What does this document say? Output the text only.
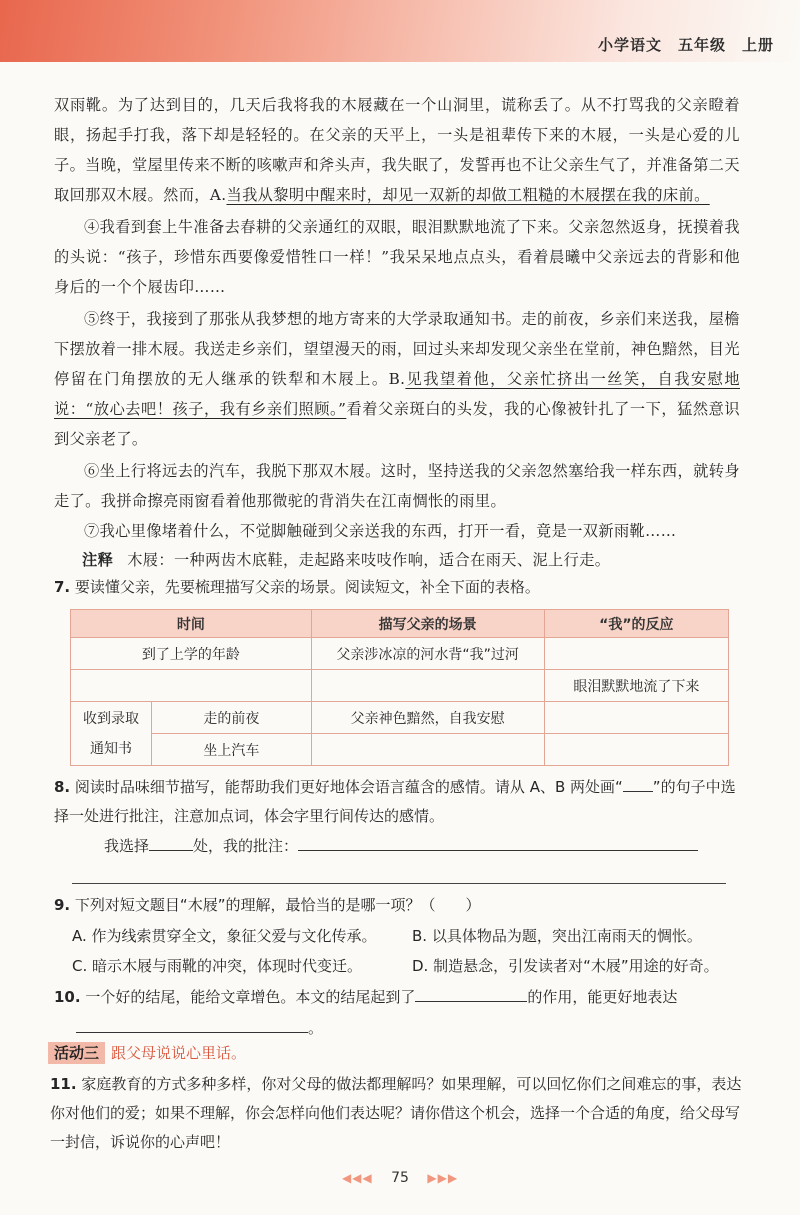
小学语文　五年级　上册
双雨靴。为了达到目的，几天后我将我的木屐藏在一个山洞里，谎称丢了。从不打骂我的父亲瞪着眼，扬起手打我，落下却是轻轻的。在父亲的天平上，一头是祖辈传下来的木屐，一头是心爱的儿子。当晚，堂屋里传来不断的咳嗽声和斧头声，我失眠了，发誓再也不让父亲生气了，并准备第二天取回那双木屐。然而，A.当我从黎明中醒来时，却见一双新的却做工粗糙的木屐摆在我的床前。
④我看到套上牛准备去春耕的父亲通红的双眼，眼泪默默地流了下来。父亲忽然返身，抚摸着我的头说：“孩子，珍惜东西要像爱惜牲口一样！”我呆呆地点点头，看着晨曦中父亲远去的背影和他身后的一个个屐齿印……
⑤终于，我接到了那张从我梦想的地方寄来的大学录取通知书。走的前夜，乡亲们来送我，屋檐下摆放着一排木屐。我送走乡亲们，望望漫天的雨，回过头来却发现父亲坐在堂前，神色黯然，目光停留在门角摆放的无人继承的铁犁和木屐上。B.见我望着他，父亲忙挤出一丝笑，自我安慰地说：“放心去吧！孩子，我有乡亲们照顾。”看着父亲斑白的头发，我的心像被针扎了一下，猛然意识到父亲老了。
⑥坐上行将远去的汽车，我脱下那双木屐。这时，坚持送我的父亲忽然塞给我一样东西，就转身走了。我拼命擦亮雨窗看着他那微驼的背消失在江南惆怅的雨里。
⑦我心里像堵着什么，不觉脚触碰到父亲送我的东西，打开一看，竟是一双新雨靴……
注释 木屐：一种两齿木底鞋，走起路来吱吱作响，适合在雨天、泥上行走。
7. 要读懂父亲，先要梳理描写父亲的场景。阅读短文，补全下面的表格。
时间		描写父亲的场景	“我”的反应
到了上学的年龄		父亲涉冰凉的河水背“我”过河	
			眼泪默默地流了下来
收到录取通知书	走的前夜	父亲神色黯然，自我安慰	
	坐上汽车		
8. 阅读时品味细节描写，能帮助我们更好地体会语言蕴含的感情。请从 A、B 两处画“ ”的句子中选择一处进行批注，注意加点词，体会字里行间传达的感情。
我选择	处，我的批注：
9. 下列对短文题目“木屐”的理解，最恰当的是哪一项？（　　）
A. 作为线索贯穿全文，象征父爱与文化传承。	B. 以具体物品为题，突出江南雨天的惆怅。
C. 暗示木屐与雨靴的冲突，体现时代变迁。	D. 制造悬念，引发读者对“木屐”用途的好奇。
10. 一个好的结尾，能给文章增色。本文的结尾起到了	的作用，能更好地表达
。
活动三 跟父母说说心里话。
11. 家庭教育的方式多种多样，你对父母的做法都理解吗？如果理解，可以回忆你们之间难忘的事，表达你对他们的爱；如果不理解，你会怎样向他们表达呢？请你借这个机会，选择一个合适的角度，给父母写一封信，诉说你的心声吧！
◀◀◀ 75 ▶▶▶
